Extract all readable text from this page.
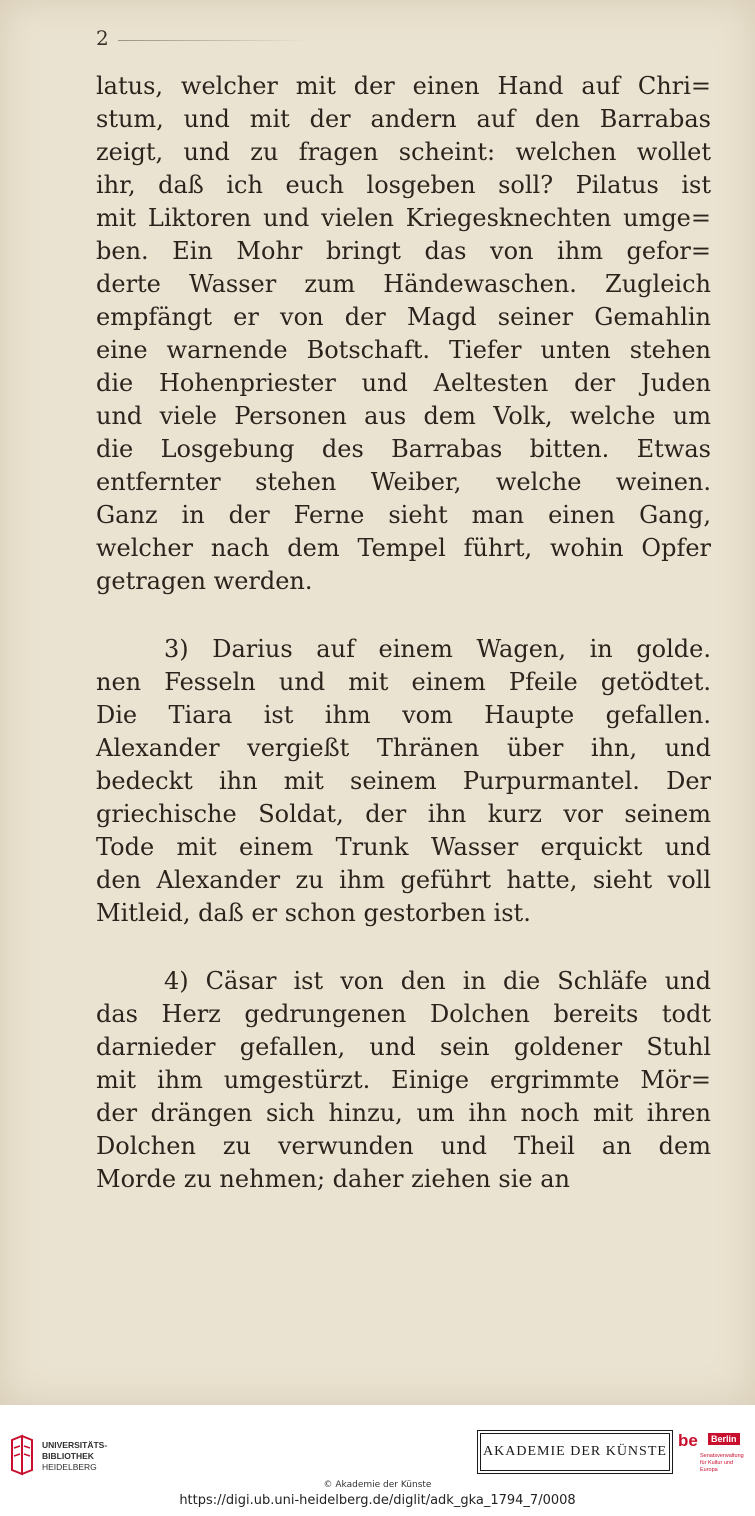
2
latus, welcher mit der einen Hand auf Chri=
stum, und mit der andern auf den Barrabas
zeigt, und zu fragen scheint: welchen wollet
ihr, daß ich euch losgeben soll? Pilatus ist
mit Liktoren und vielen Kriegesknechten umge=
ben. Ein Mohr bringt das von ihm gefor=
derte Wasser zum Händewaschen. Zugleich
empfängt er von der Magd seiner Gemahlin
eine warnende Botschaft. Tiefer unten stehen
die Hohenpriester und Aeltesten der Juden
und viele Personen aus dem Volk, welche um
die Losgebung des Barrabas bitten. Etwas
entfernter stehen Weiber, welche weinen.
Ganz in der Ferne sieht man einen Gang,
welcher nach dem Tempel führt, wohin Opfer
getragen werden.
3) Darius auf einem Wagen, in golde.
nen Fesseln und mit einem Pfeile getödtet.
Die Tiara ist ihm vom Haupte gefallen.
Alexander vergießt Thränen über ihn, und
bedeckt ihn mit seinem Purpurmantel. Der
griechische Soldat, der ihn kurz vor seinem
Tode mit einem Trunk Wasser erquickt und
den Alexander zu ihm geführt hatte, sieht voll
Mitleid, daß er schon gestorben ist.
4) Cäsar ist von den in die Schläfe und
das Herz gedrungenen Dolchen bereits todt
darnieder gefallen, und sein goldener Stuhl
mit ihm umgestürzt. Einige ergrimmte Mör=
der drängen sich hinzu, um ihn noch mit ihren
Dolchen zu verwunden und Theil an dem
Morde zu nehmen; daher ziehen sie an
UNIVERSITÄTS-
BIBLIOTHEK
HEIDELBERG
AKADEMIE DER KÜNSTE
be	Berlin
Senatsverwaltung für Kultur und Europa
© Akademie der Künste
https://digi.ub.uni-heidelberg.de/diglit/adk_gka_1794_7/0008
